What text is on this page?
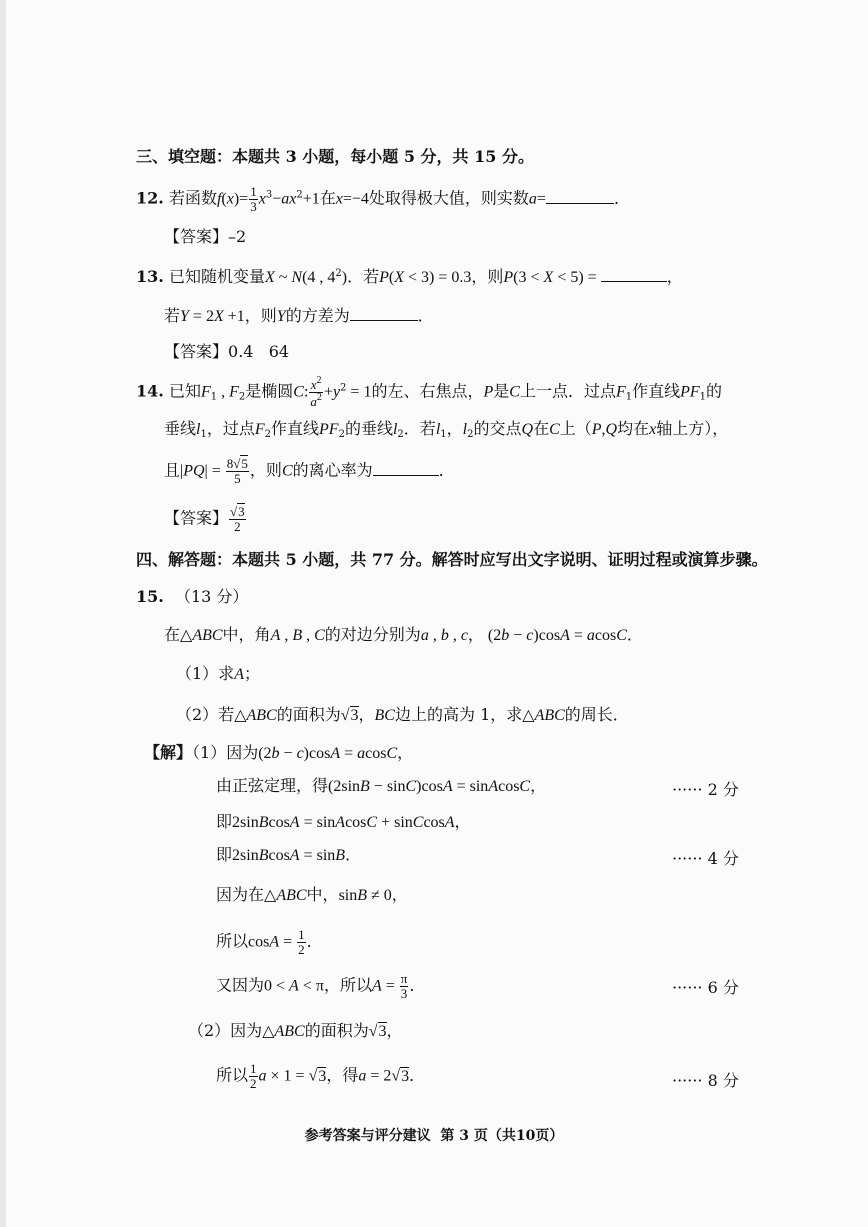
三、填空题：本题共 3 小题，每小题 5 分，共 15 分。
12. 若函数$f(x)= \frac{1}{3} x^3-ax^2+1$在x=−4处取得极大值，则实数a=	．
【答案】–2
13. 已知随机变量X ~ N(4 , $4^2$)．若P(X < 3) = 0.3，则P(3 < X < 5) =	，
若Y = 2X +1，则Y的方差为	．
【答案】0.4   64
14. 已知$F_1$ , $F_2$是椭圆C: $\frac{x^2}{a^2} +y^2 = 1$的左、右焦点，P是C上一点．过点$F_1$作直线$PF_1$的
垂线$l_1$，过点$F_2$作直线$PF_2$的垂线$l_2$．若$l_1$，$l_2$的交点Q在C上（P,Q均在x轴上方），
且$|PQ| = \frac{8√5}{5}$ ，则C的离心率为	．
【答案】 $\frac{√3}{2}$
四、解答题：本题共 5 小题，共 77 分。解答时应写出文字说明、证明过程或演算步骤。
15. （13 分）
在△ABC中，角A , B , C的对边分别为a , b , c， (2b − c)cosA = acosC．
（1）求A；
（2）若△ABC的面积为√3，BC边上的高为 1，求△ABC的周长．
【解】（1）因为(2b − c)cosA = acosC，
由正弦定理，得(2sinB − sinC)cosA = sinAcosC，	······ 2 分
即2sinBcosA = sinAcosC + sinCcosA，
即2sinBcosA = sinB．	······ 4 分
因为在△ABC中，sinB ≠ 0，
所以$\cos A = \frac{1}{2}$ ．
又因为0 < A < π，所以$A = \frac{\pi}{3}$ ．	······ 6 分
（2）因为△ABC的面积为√3，
所以 $\frac{1}{2}$ a × 1 = √3，得a = 2√3．	······ 8 分
参考答案与评分建议  第 3 页（共10页）
